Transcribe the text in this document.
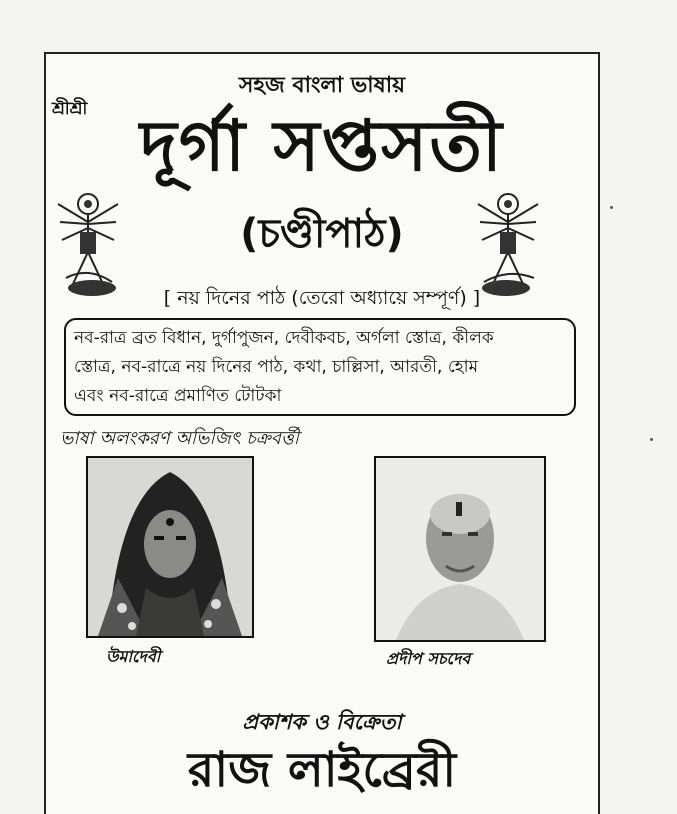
সহজ বাংলা ভাষায়
শ্রীশ্রী দূর্গা সপ্তসতী
(চণ্ডীপাঠ)
[ নয় দিনের পাঠ (তেরো অধ্যায়ে সম্পূর্ণ) ]
নব-রাত্র ব্রত বিধান, দুর্গাপুজন, দেবীকবচ, অর্গলা স্তোত্র, কীলক
স্তোত্র, নব-রাত্রে নয় দিনের পাঠ, কথা, চাল্লিসা, আরতী, হোম
এবং নব-রাত্রে প্রমাণিত টোটকা
ভাষা অলংকরণ অভিজিৎ চক্রবর্ত্তী
উমাদেবী	প্রদীপ সচদেব
প্রকাশক ও বিক্রেতা
রাজ লাইব্রেরী
